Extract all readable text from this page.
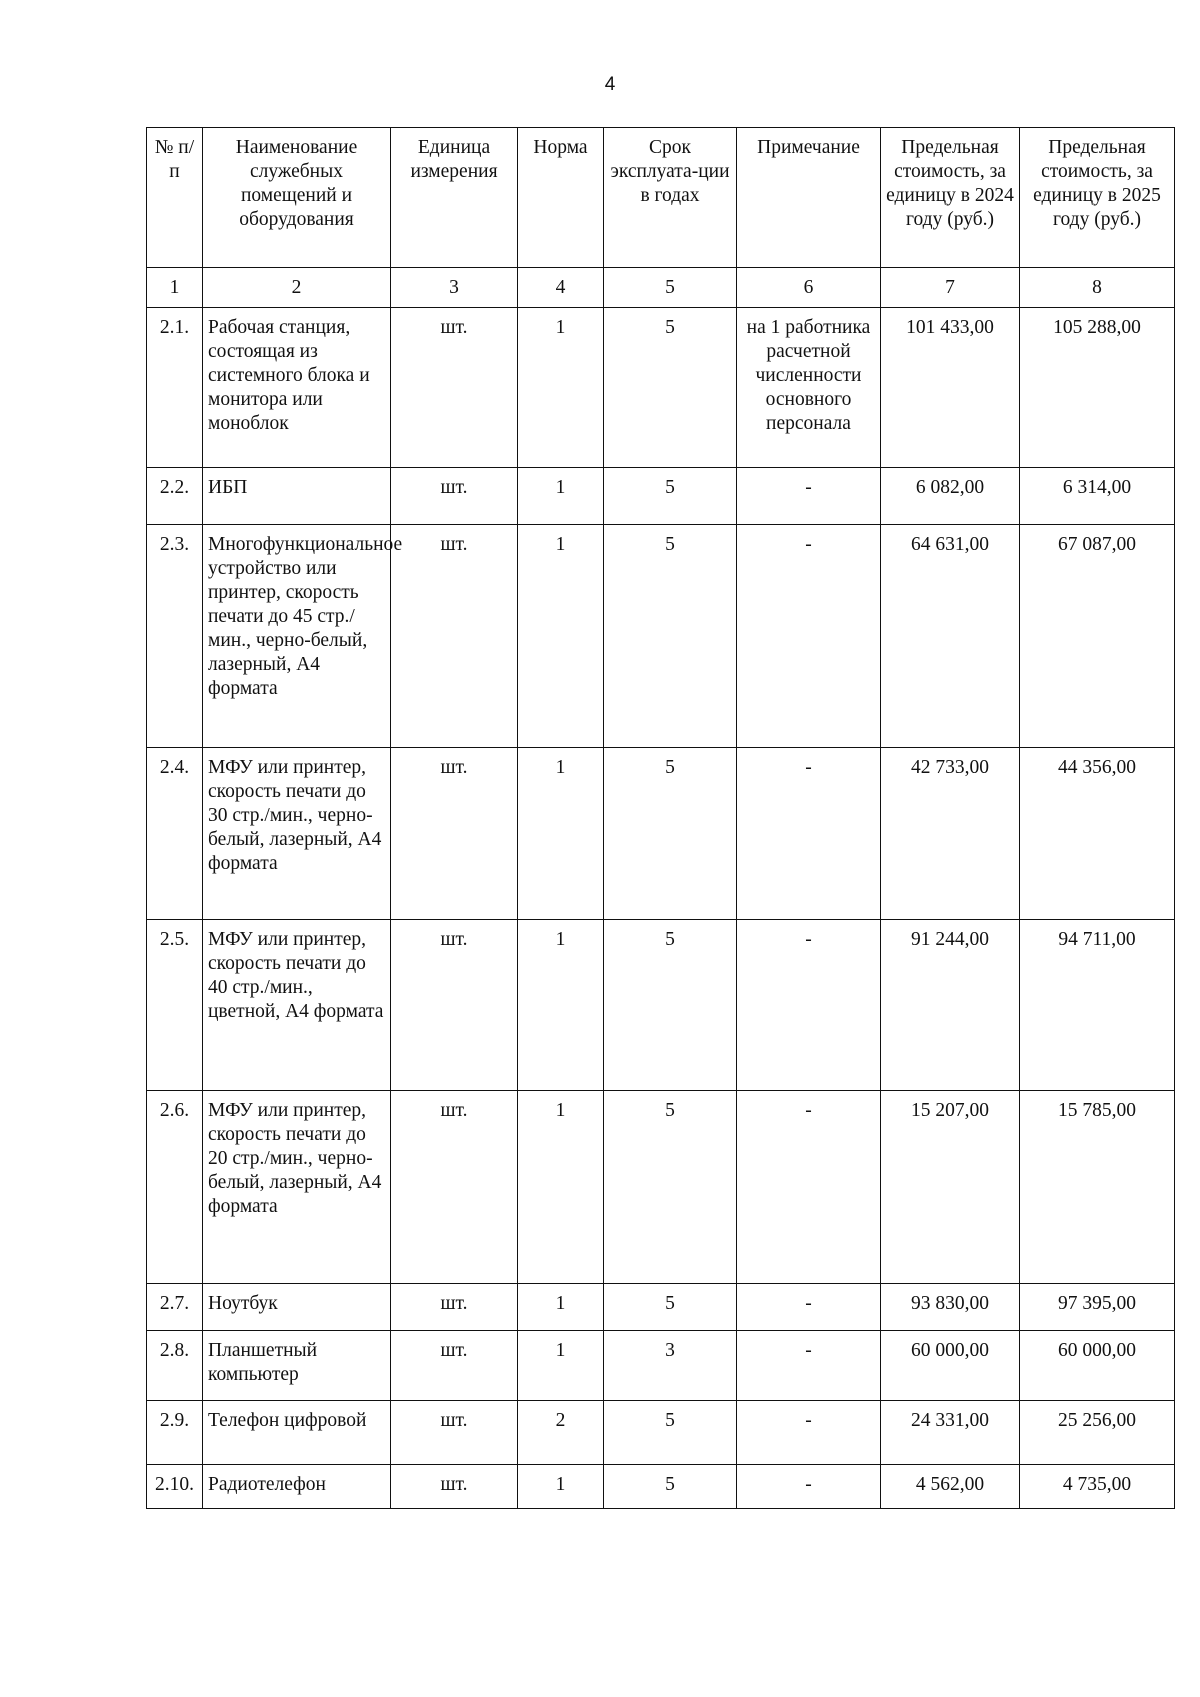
4
№ п/п	Наименование служебных помещений и оборудования	Единица измерения	Норма	Срок эксплуата-ции в годах	Примечание	Предельная стоимость, за единицу в 2024 году (руб.)	Предельная стоимость, за единицу в 2025 году (руб.)
1	2	3	4	5	6	7	8
2.1.	Рабочая станция, состоящая из системного блока и монитора или моноблок	шт.	1	5	на 1 работника расчетной численности основного персонала	101 433,00	105 288,00
2.2.	ИБП	шт.	1	5	-	6 082,00	6 314,00
2.3.	Многофункциональное устройство или принтер, скорость печати до 45 стр./мин., черно-белый, лазерный, А4 формата	шт.	1	5	-	64 631,00	67 087,00
2.4.	МФУ или принтер, скорость печати до 30 стр./мин., черно-белый, лазерный, А4 формата	шт.	1	5	-	42 733,00	44 356,00
2.5.	МФУ или принтер, скорость печати до 40 стр./мин., цветной, А4 формата	шт.	1	5	-	91 244,00	94 711,00
2.6.	МФУ или принтер, скорость печати до 20 стр./мин., черно-белый, лазерный, А4 формата	шт.	1	5	-	15 207,00	15 785,00
2.7.	Ноутбук	шт.	1	5	-	93 830,00	97 395,00
2.8.	Планшетный компьютер	шт.	1	3	-	60 000,00	60 000,00
2.9.	Телефон цифровой	шт.	2	5	-	24 331,00	25 256,00
2.10.	Радиотелефон	шт.	1	5	-	4 562,00	4 735,00
